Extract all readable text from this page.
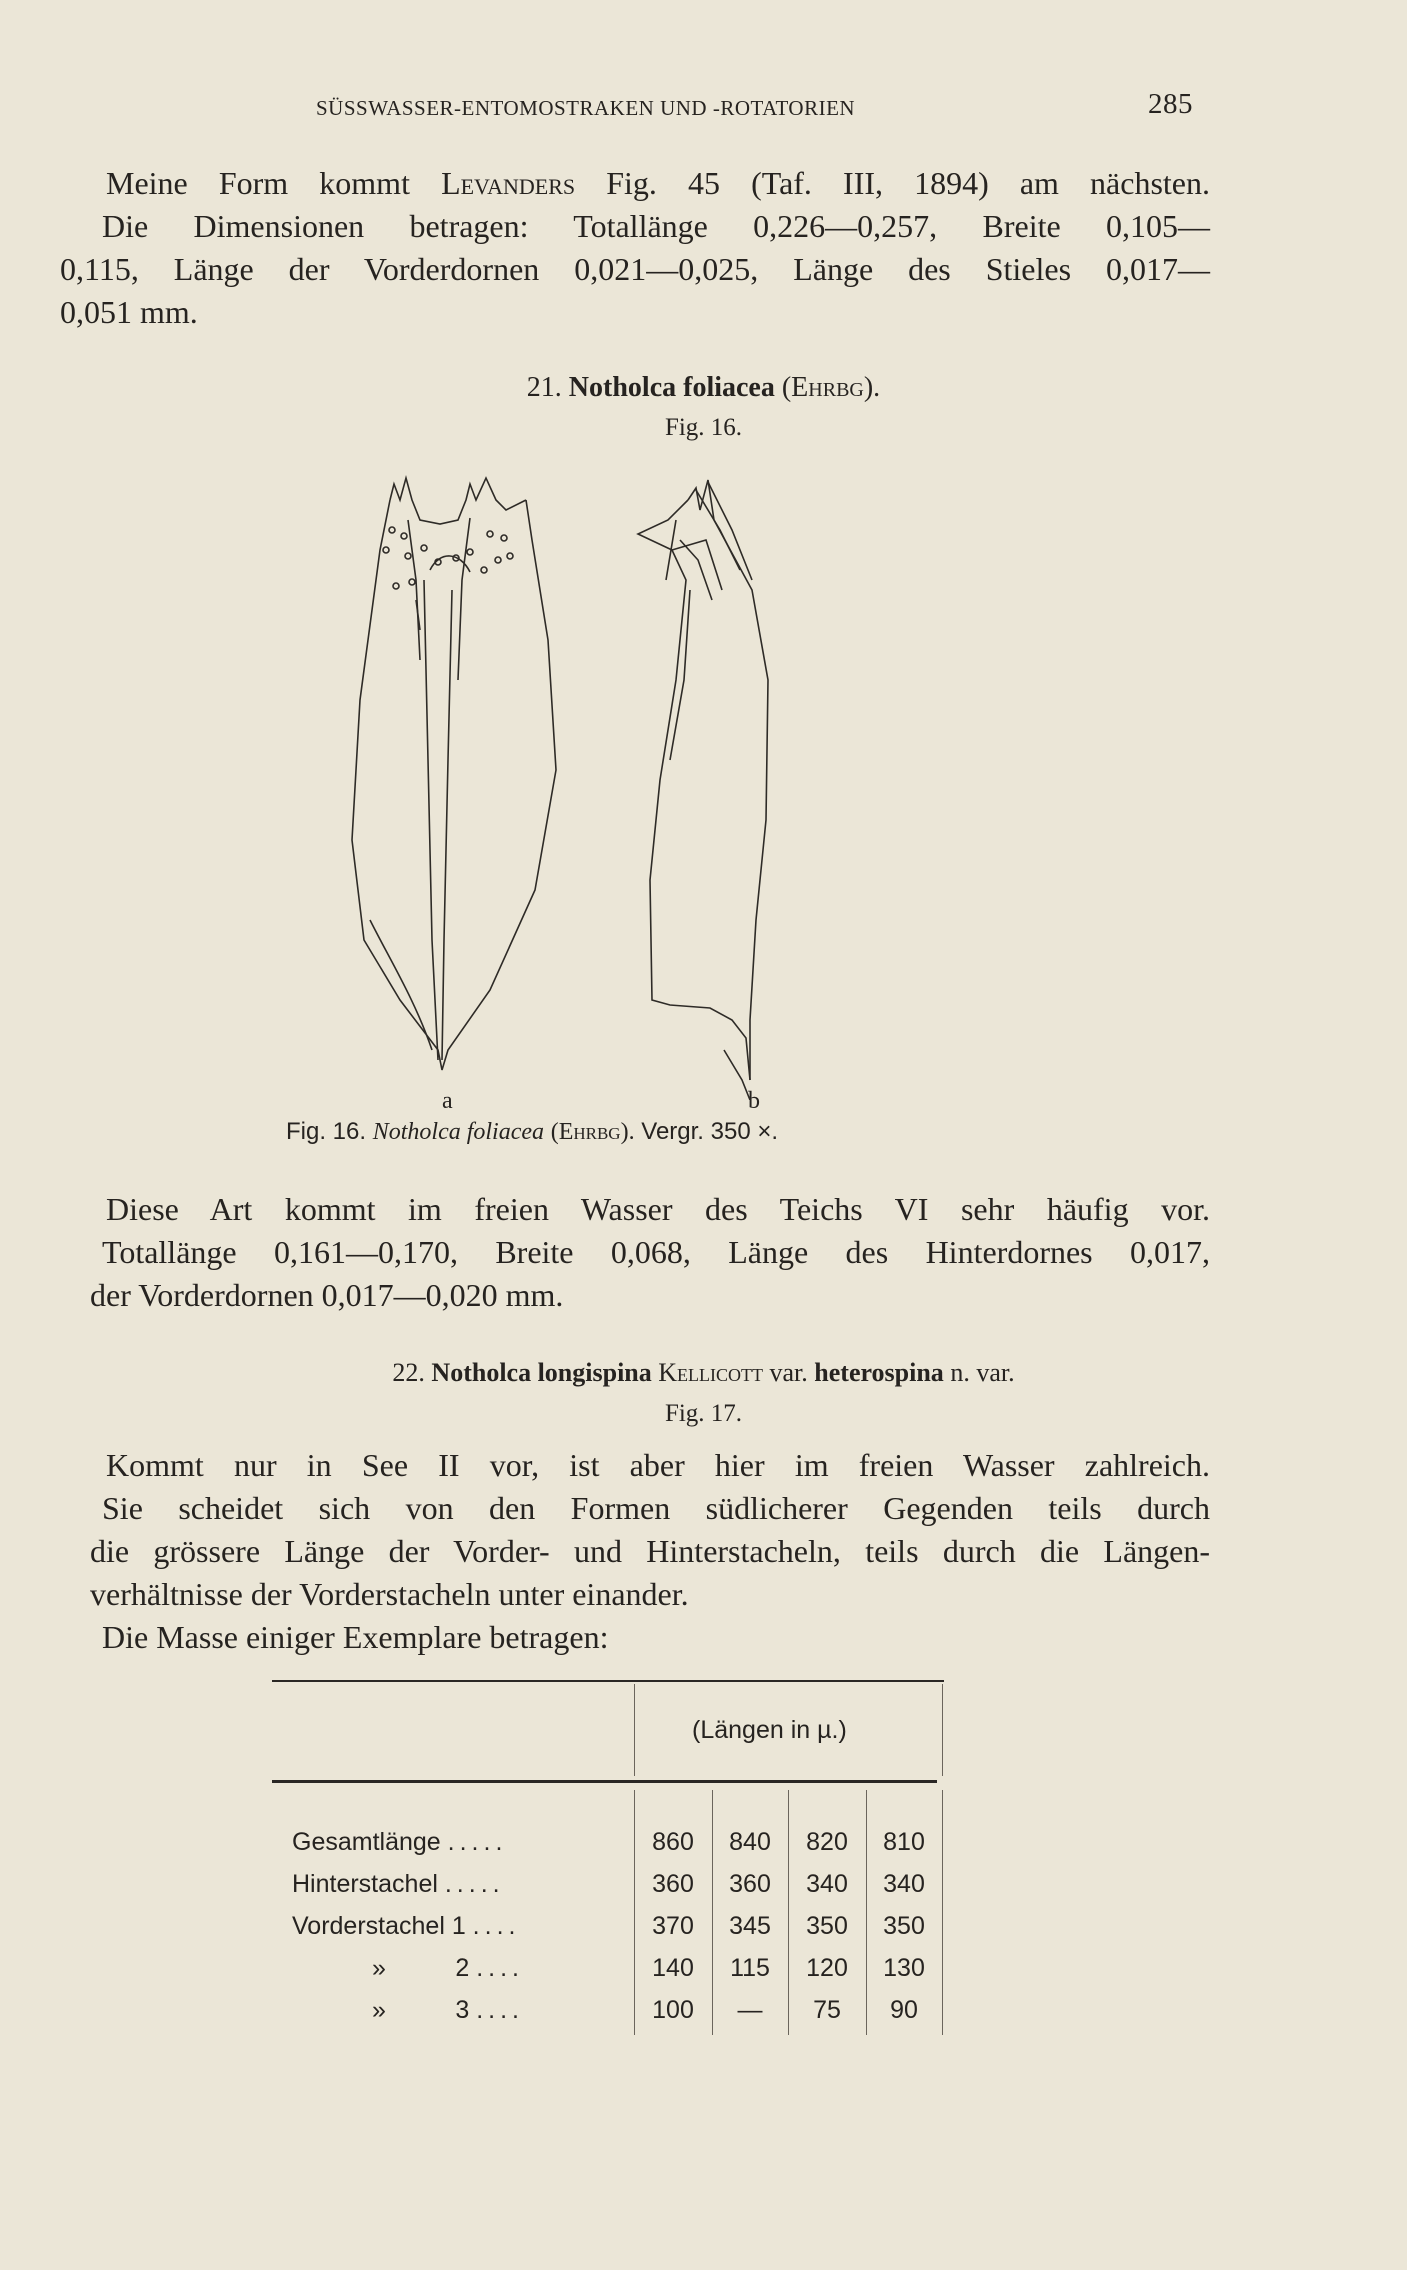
SÜSSWASSER-ENTOMOSTRAKEN UND -ROTATORIEN	285
Meine Form kommt Levanders Fig. 45 (Taf. III, 1894) am nächsten.
Die Dimensionen betragen: Totallänge 0,226—0,257, Breite 0,105—
0,115, Länge der Vorderdornen 0,021—0,025, Länge des Stieles 0,017—
0,051 mm.
21. Notholca foliacea (Ehrbg).
Fig. 16.
a	b
Fig. 16. Notholca foliacea (Ehrbg). Vergr. 350 ×.
Diese Art kommt im freien Wasser des Teichs VI sehr häufig vor.
Totallänge 0,161—0,170, Breite 0,068, Länge des Hinterdornes 0,017,
der Vorderdornen 0,017—0,020 mm.
22. Notholca longispina Kellicott var. heterospina n. var.
Fig. 17.
Kommt nur in See II vor, ist aber hier im freien Wasser zahlreich.
Sie scheidet sich von den Formen südlicherer Gegenden teils durch
die grössere Länge der Vorder- und Hinterstacheln, teils durch die Längen-
verhältnisse der Vorderstacheln unter einander.
Die Masse einiger Exemplare betragen:
(Längen in µ.)
Gesamtlänge .....	860	840	820	810
Hinterstachel .....	360	360	340	340
Vorderstachel 1 ....	370	345	350	350
»          2 ....	140	115	120	130
»          3 ....	100	—	75	90
